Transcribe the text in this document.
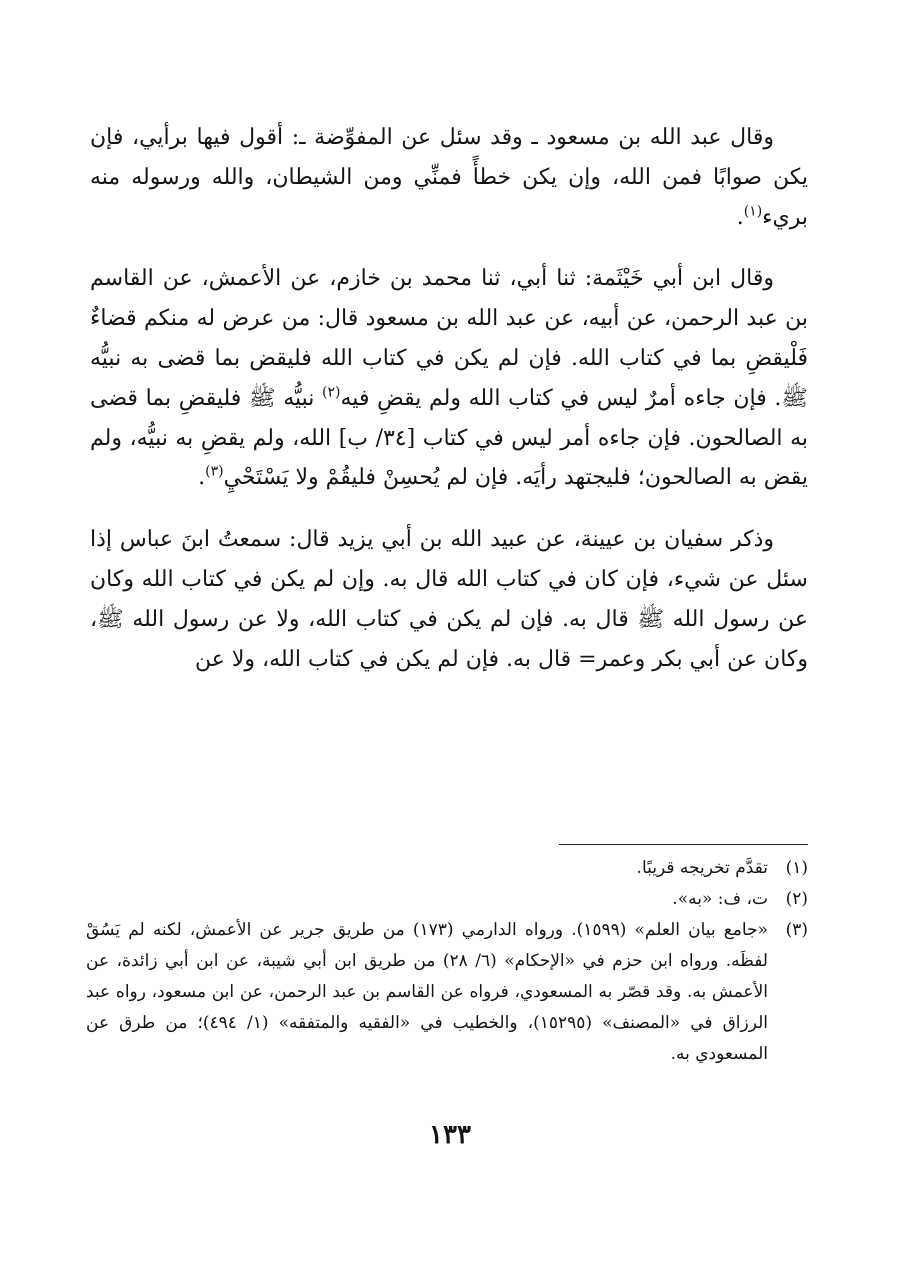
وقال عبد الله بن مسعود ـ وقد سئل عن المفوِّضة ـ: أقول فيها برأيي، فإن يكن صوابًا فمن الله، وإن يكن خطأً فمنِّي ومن الشيطان، والله ورسوله منه بريء$^{(١)}$.

وقال ابن أبي خَيْثَمة: ثنا أبي، ثنا محمد بن خازم، عن الأعمش، عن القاسم بن عبد الرحمن، عن أبيه، عن عبد الله بن مسعود قال: من عرض له منكم قضاءٌ فَلْيقضِ بما في كتاب الله. فإن لم يكن في كتاب الله فليقض بما قضى به نبيُّه ﷺ. فإن جاءه أمرٌ ليس في كتاب الله ولم يقضِ فيه$^{(٢)}$ نبيُّه ﷺ فليقضِ بما قضى به الصالحون. فإن جاءه أمر ليس في كتاب [٣٤/ ب] الله، ولم يقضِ به نبيُّه، ولم يقض به الصالحون؛ فليجتهد رأيَه. فإن لم يُحسِنْ فليقُمْ ولا يَسْتَحْيِ$^{(٣)}$.

وذكر سفيان بن عيينة، عن عبيد الله بن أبي يزيد قال: سمعتُ ابنَ عباس إذا سئل عن شيء، فإن كان في كتاب الله قال به. وإن لم يكن في كتاب الله وكان عن رسول الله ﷺ قال به. فإن لم يكن في كتاب الله، ولا عن رسول الله ﷺ، وكان عن أبي بكر وعمر= قال به. فإن لم يكن في كتاب الله، ولا عن

(١)
تقدَّم تخريجه قريبًا.
(٢)
ت، ف: «به».
(٣)
«جامع بيان العلم» (١٥٩٩). ورواه الدارمي (١٧٣) من طريق جرير عن الأعمش، لكنه لم يَسُقْ لفظَه. ورواه ابن حزم في «الإحكام» (٦/ ٢٨) من طريق ابن أبي شيبة، عن ابن أبي زائدة، عن الأعمش به. وقد قصّر به المسعودي، فرواه عن القاسم بن عبد الرحمن، عن ابن مسعود، رواه عبد الرزاق في «المصنف» (١٥٢٩٥)، والخطيب في «الفقيه والمتفقه» (١/ ٤٩٤)؛ من طرق عن المسعودي به.
١٣٣
